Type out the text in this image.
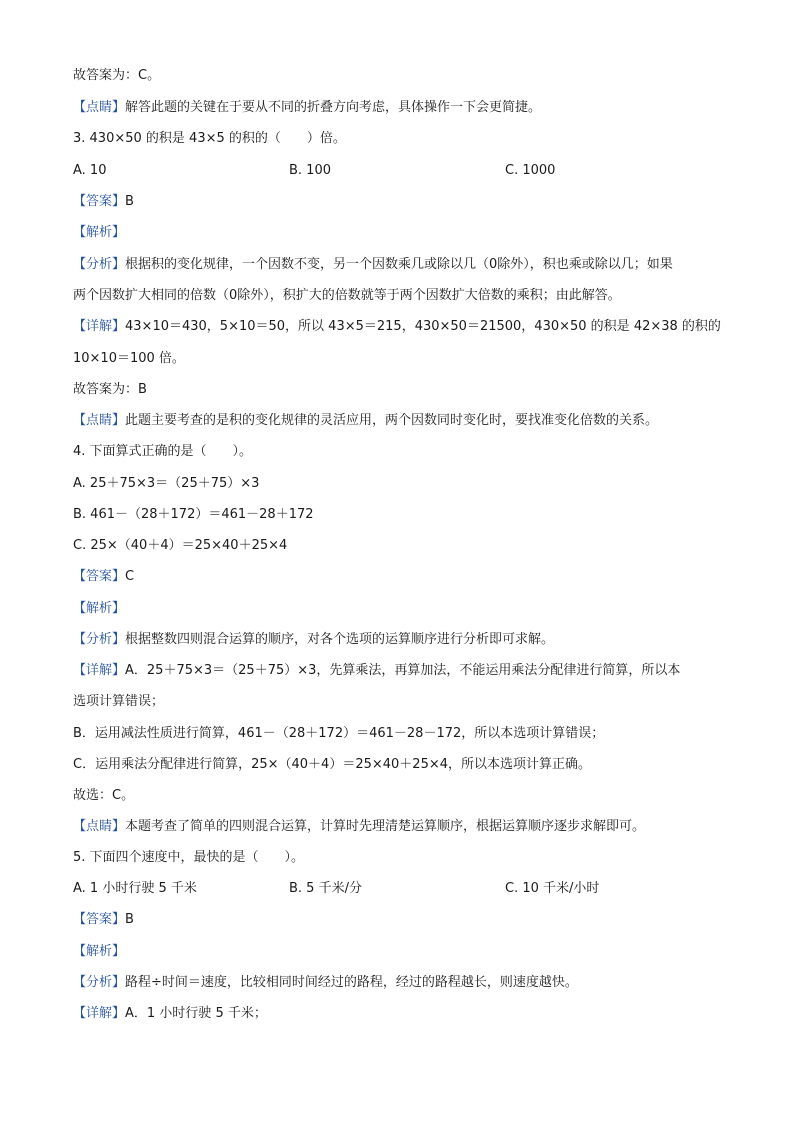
故答案为：C。
【点睛】解答此题的关键在于要从不同的折叠方向考虑，具体操作一下会更简捷。
3. 430×50 的积是 43×5 的积的（　　）倍。
A. 10	B. 100	C. 1000
【答案】B
【解析】
【分析】根据积的变化规律，一个因数不变，另一个因数乘几或除以几（0除外），积也乘或除以几；如果
两个因数扩大相同的倍数（0除外），积扩大的倍数就等于两个因数扩大倍数的乘积；由此解答。
【详解】43×10＝430，5×10＝50，所以 43×5＝215，430×50＝21500，430×50 的积是 42×38 的积的
10×10＝100 倍。
故答案为：B
【点睛】此题主要考查的是积的变化规律的灵活应用，两个因数同时变化时，要找准变化倍数的关系。
4. 下面算式正确的是（　　）。
A. 25＋75×3＝（25＋75）×3
B. 461－（28＋172）＝461－28＋172
C. 25×（40＋4）＝25×40＋25×4
【答案】C
【解析】
【分析】根据整数四则混合运算的顺序，对各个选项的运算顺序进行分析即可求解。
【详解】A．25＋75×3＝（25＋75）×3，先算乘法，再算加法，不能运用乘法分配律进行简算，所以本
选项计算错误；
B．运用减法性质进行简算，461－（28＋172）＝461－28－172，所以本选项计算错误；
C．运用乘法分配律进行简算，25×（40＋4）＝25×40＋25×4，所以本选项计算正确。
故选：C。
【点睛】本题考查了简单的四则混合运算，计算时先理清楚运算顺序，根据运算顺序逐步求解即可。
5. 下面四个速度中，最快的是（　　）。
A. 1 小时行驶 5 千米	B. 5 千米/分	C. 10 千米/小时
【答案】B
【解析】
【分析】路程÷时间＝速度，比较相同时间经过的路程，经过的路程越长，则速度越快。
【详解】A．1 小时行驶 5 千米；
